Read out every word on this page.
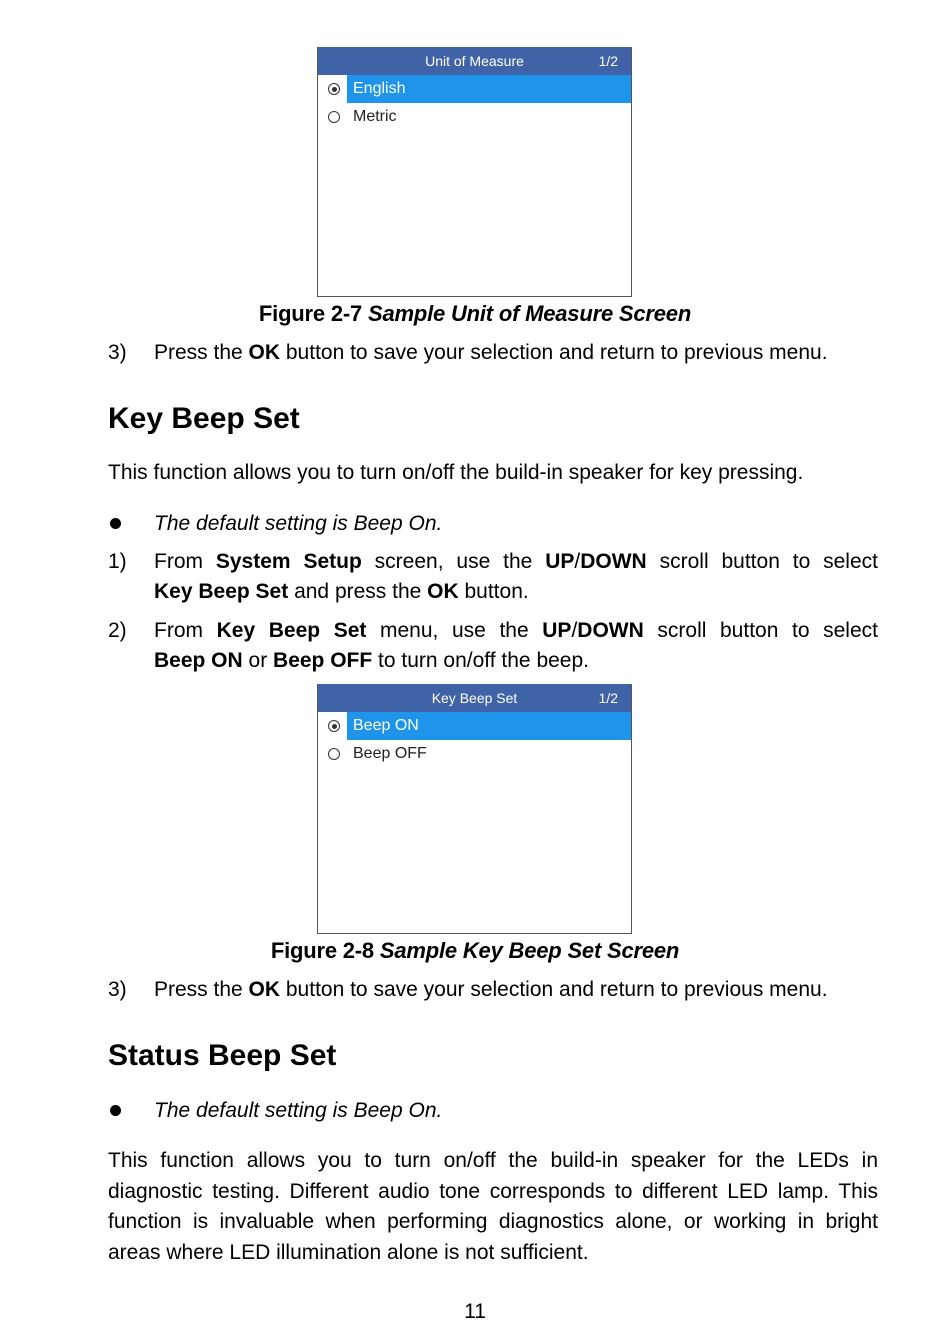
Unit of Measure	1/2
English
Metric
Figure 2-7 Sample Unit of Measure Screen
3) Press the OK button to save your selection and return to previous menu.
Key Beep Set
This function allows you to turn on/off the build-in speaker for key pressing.
The default setting is Beep On.
1) From System Setup screen, use the UP/DOWN scroll button to select
Key Beep Set and press the OK button.
2) From Key Beep Set menu, use the UP/DOWN scroll button to select
Beep ON or Beep OFF to turn on/off the beep.
Key Beep Set	1/2
Beep ON
Beep OFF
Figure 2-8 Sample Key Beep Set Screen
3) Press the OK button to save your selection and return to previous menu.
Status Beep Set
The default setting is Beep On.
This function allows you to turn on/off the build-in speaker for the LEDs in diagnostic testing. Different audio tone corresponds to different LED lamp. This function is invaluable when performing diagnostics alone, or working in bright areas where LED illumination alone is not sufficient.
11
